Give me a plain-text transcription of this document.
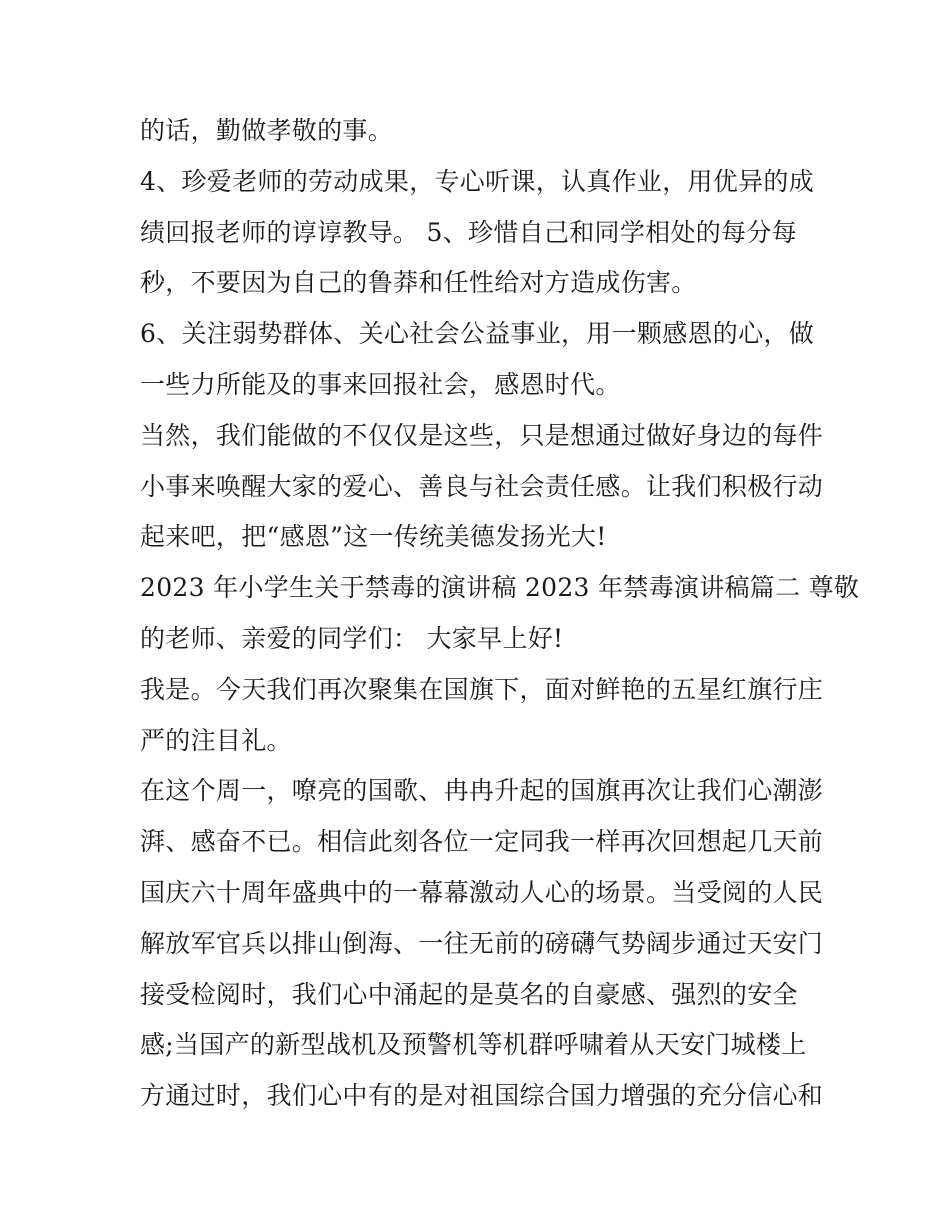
的话，勤做孝敬的事。
4、珍爱老师的劳动成果，专心听课，认真作业，用优异的成
绩回报老师的谆谆教导。 5、珍惜自己和同学相处的每分每
秒，不要因为自己的鲁莽和任性给对方造成伤害。
6、关注弱势群体、关心社会公益事业，用一颗感恩的心，做
一些力所能及的事来回报社会，感恩时代。
当然，我们能做的不仅仅是这些，只是想通过做好身边的每件
小事来唤醒大家的爱心、善良与社会责任感。让我们积极行动
起来吧，把“感恩”这一传统美德发扬光大!
2023 年小学生关于禁毒的演讲稿 2023 年禁毒演讲稿篇二 尊敬
的老师、亲爱的同学们： 大家早上好!
我是。今天我们再次聚集在国旗下，面对鲜艳的五星红旗行庄
严的注目礼。
在这个周一，嘹亮的国歌、冉冉升起的国旗再次让我们心潮澎
湃、感奋不已。相信此刻各位一定同我一样再次回想起几天前
国庆六十周年盛典中的一幕幕激动人心的场景。当受阅的人民
解放军官兵以排山倒海、一往无前的磅礴气势阔步通过天安门
接受检阅时，我们心中涌起的是莫名的自豪感、强烈的安全
感;当国产的新型战机及预警机等机群呼啸着从天安门城楼上
方通过时，我们心中有的是对祖国综合国力增强的充分信心和
